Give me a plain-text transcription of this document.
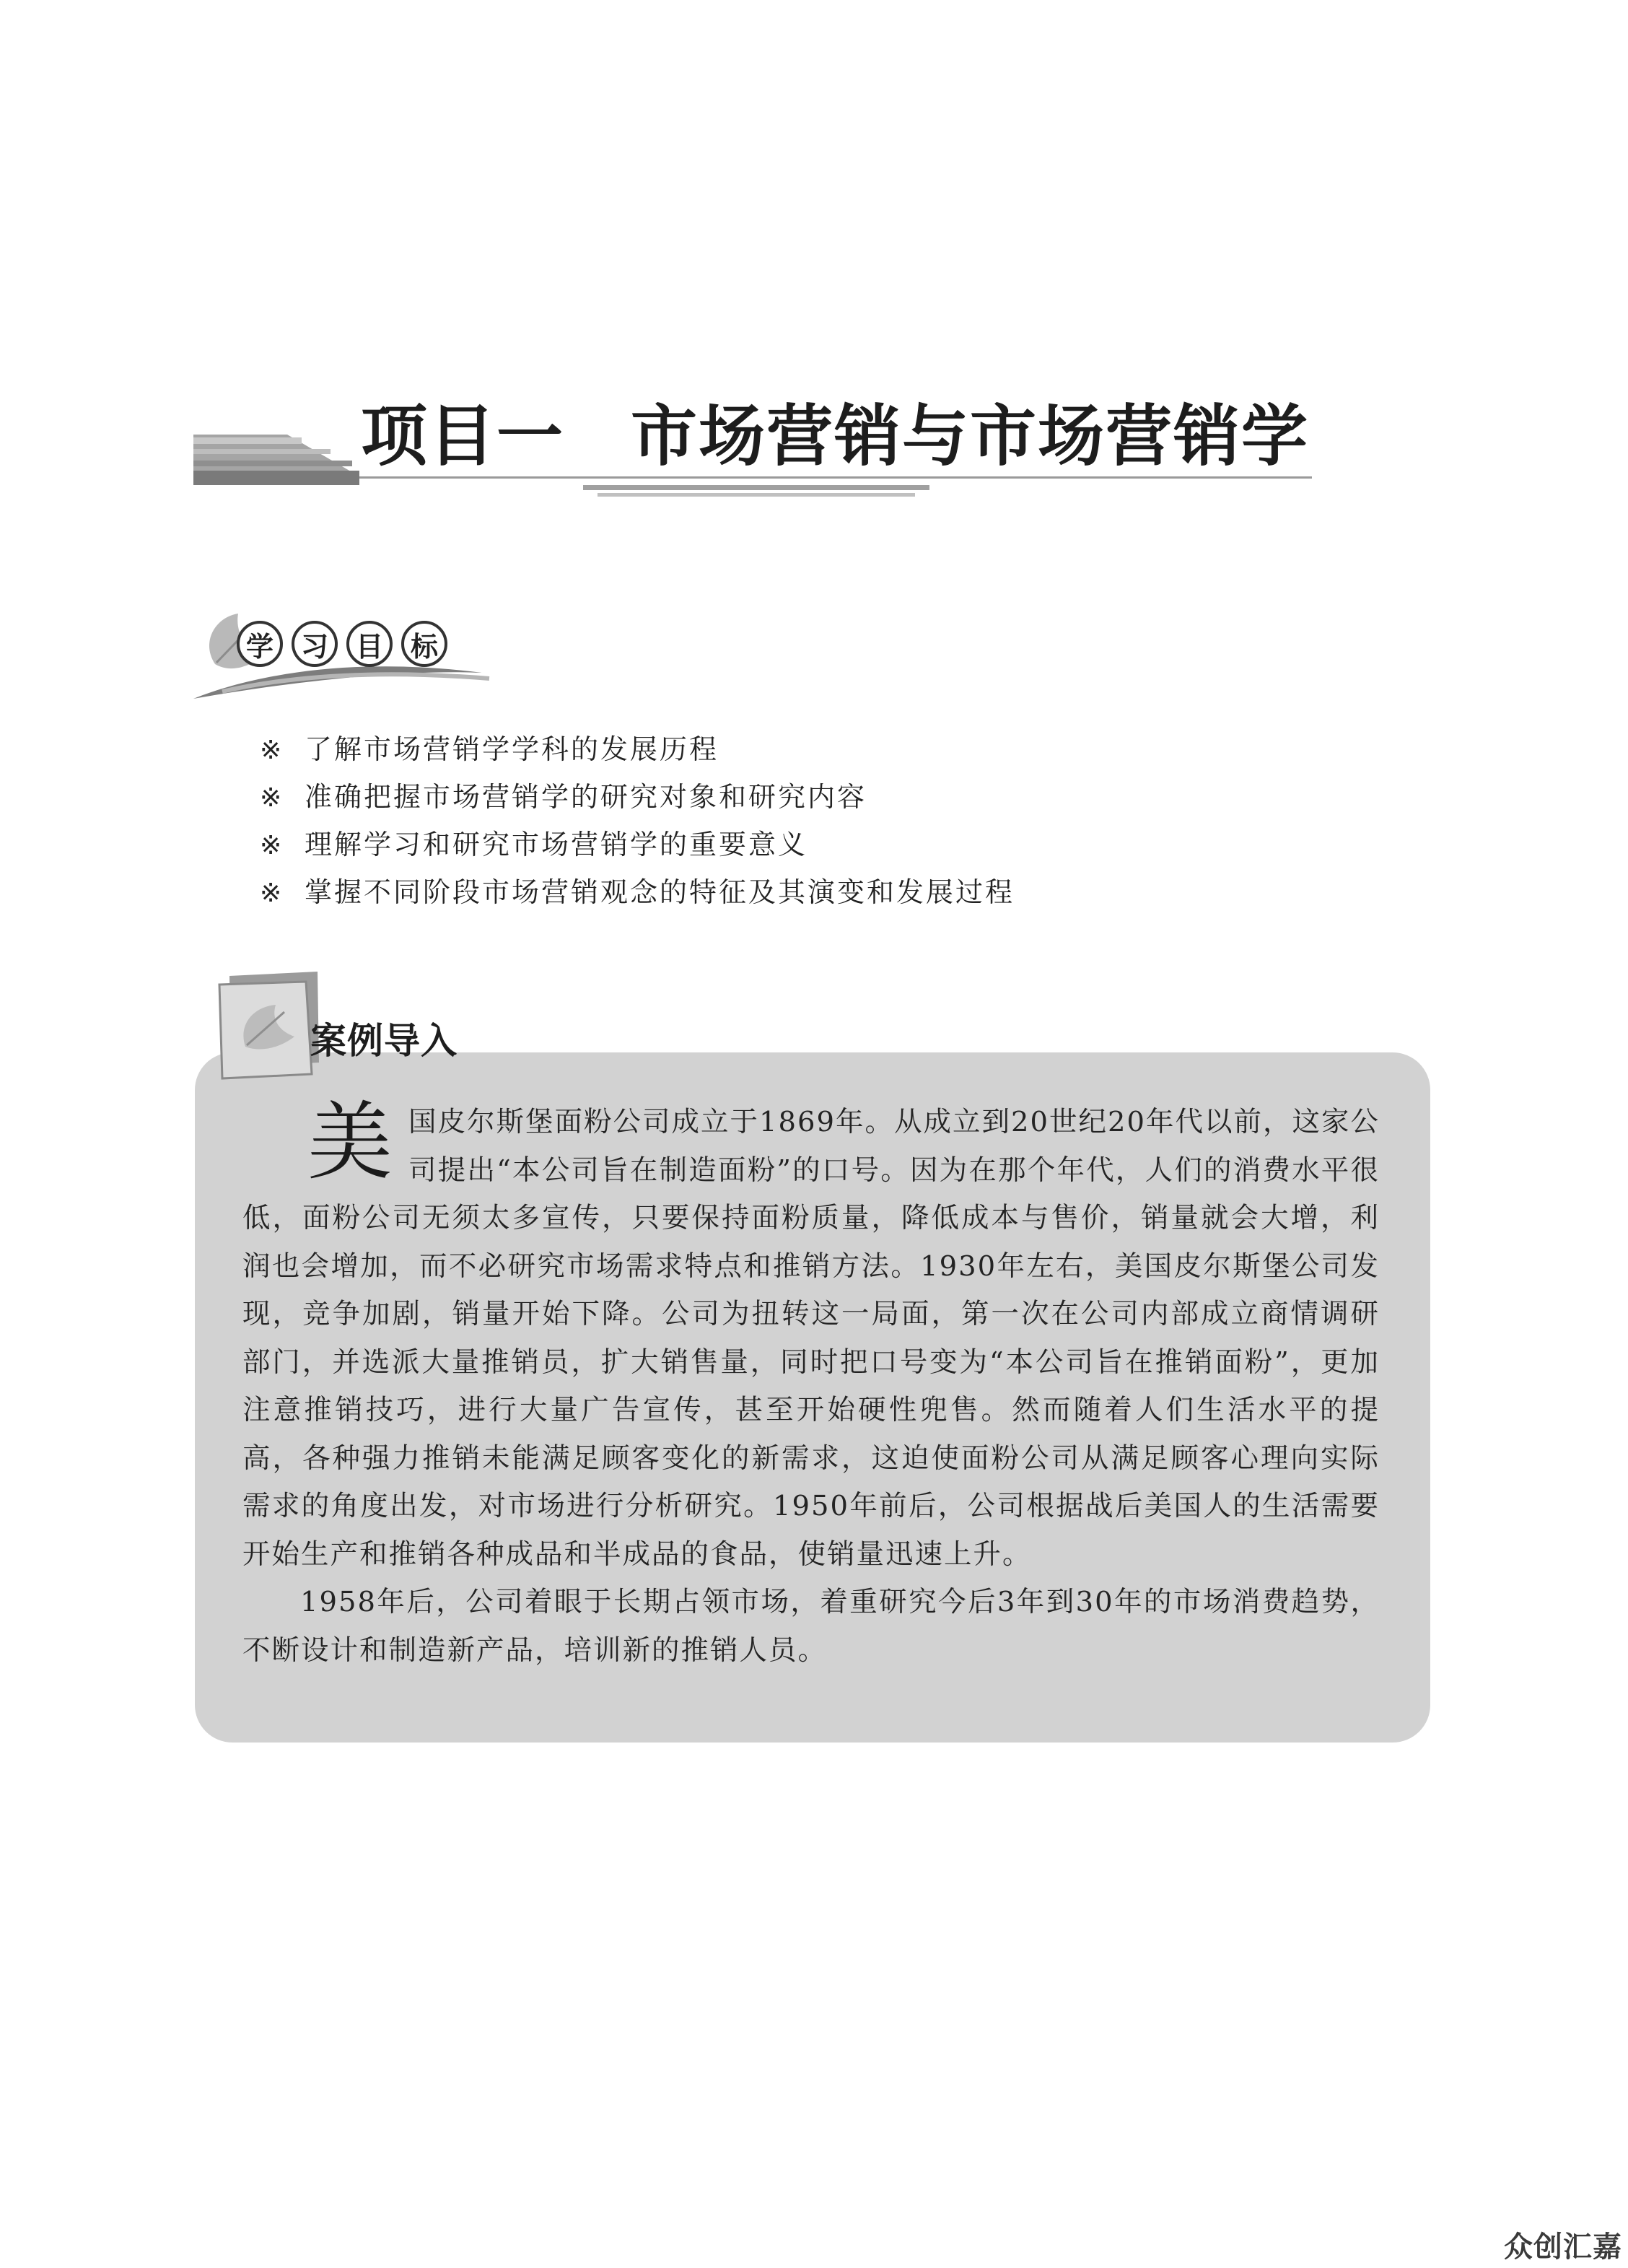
项目一 市场营销与市场营销学
学 习 目 标
※ 了解市场营销学学科的发展历程
※ 准确把握市场营销学的研究对象和研究内容
※ 理解学习和研究市场营销学的重要意义
※ 掌握不同阶段市场营销观念的特征及其演变和发展过程

美国皮尔斯堡面粉公司成立于1869年。从成立到20世纪20年代以前，这家公司提出“本公司旨在制造面粉”的口号。因为在那个年代，人们的消费水平很低，面粉公司无须太多宣传，只要保持面粉质量，降低成本与售价，销量就会大增，利润也会增加，而不必研究市场需求特点和推销方法。1930年左右，美国皮尔斯堡公司发现，竞争加剧，销量开始下降。公司为扭转这一局面，第一次在公司内部成立商情调研部门，并选派大量推销员，扩大销售量，同时把口号变为“本公司旨在推销面粉”，更加注意推销技巧，进行大量广告宣传，甚至开始硬性兜售。然而随着人们生活水平的提高，各种强力推销未能满足顾客变化的新需求，这迫使面粉公司从满足顾客心理向实际需求的角度出发，对市场进行分析研究。1950年前后，公司根据战后美国人的生活需要开始生产和推销各种成品和半成品的食品，使销量迅速上升。

1958年后，公司着眼于长期占领市场，着重研究今后3年到30年的市场消费趋势，不断设计和制造新产品，培训新的推销人员。

案例导入
众创汇嘉
